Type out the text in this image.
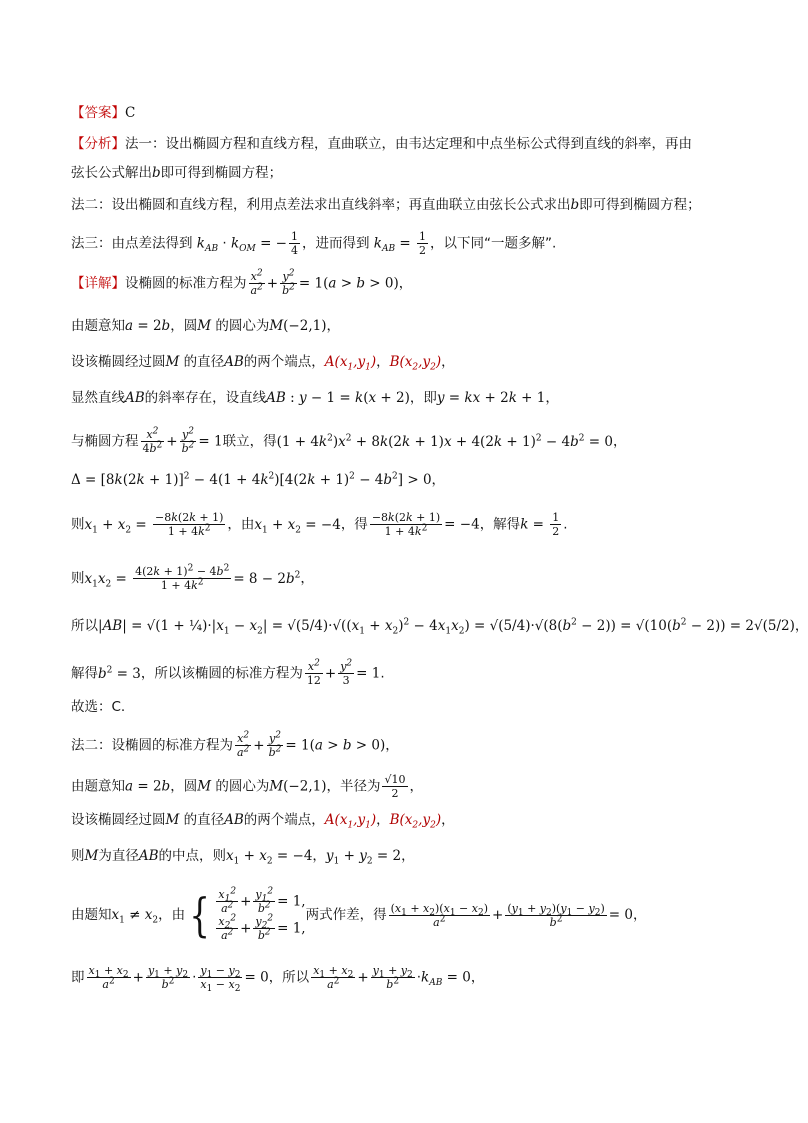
【答案】C
【分析】法一：设出椭圆方程和直线方程，直曲联立，由韦达定理和中点坐标公式得到直线的斜率，再由
弦长公式解出b即可得到椭圆方程；
法二：设出椭圆和直线方程，利用点差法求出直线斜率；再直曲联立由弦长公式求出b即可得到椭圆方程；
法三：由点差法得到 $k_{AB} \cdot k_{OM}$ = − $\frac{1}{4}$ ，进而得到 $k_{AB} = \frac{1}{2}$ ，以下同“一题多解”.
【详解】设椭圆的标准方程为 $\frac{x^2}{a^2} + \frac{y^2}{b^2} = 1(a > b > 0)$，
由题意知a = 2b，圆M 的圆心为M(−2,1)，
设该椭圆经过圆M 的直径AB的两个端点，$A(x_1,y_1)$，$B(x_2,y_2)$，
显然直线AB的斜率存在，设直线AB : y − 1 = k(x + 2)，即y = kx + 2k + 1，
与椭圆方程 $\frac{x^2}{4b^2} + \frac{y^2}{b^2} = 1$联立，得$(1 + 4k^2)x^2 + 8k(2k + 1)x + 4(2k + 1)^2 - 4b^2 = 0$，
$\Delta = [8k(2k + 1)]^2 - 4(1 + 4k^2)[4(2k + 1)^2 - 4b^2] > 0$，
则$x_1 + x_2 = \frac{-8k(2k + 1)}{1 + 4k^2}$ ，由$x_1 + x_2 = -4$，得 $\frac{-8k(2k + 1)}{1 + 4k^2} = -4$，解得$k = \frac{1}{2}$ .
则$x_1x_2 = \frac{4(2k + 1)^2 - 4b^2}{1 + 4k^2} = 8 - 2b^2$，
所以$|AB| = √(1 + \frac{1}{4})\cdot|x_1 - x_2| = √(5/4)\cdot√((x_1 + x_2)^2 - 4x_1x_2) = √(5/4)\cdot√(8(b^2 - 2)) = √(10(b^2 - 2)) = 2√(5/2)$，
解得$b^2 = 3$，所以该椭圆的标准方程为 $\frac{x^2}{12} + \frac{y^2}{3} = 1$.
故选：C.
法二：设椭圆的标准方程为 $\frac{x^2}{a^2} + \frac{y^2}{b^2} = 1(a > b > 0)$，
由题意知a = 2b，圆M 的圆心为M(−2,1)，半径为 $\frac{√10}{2}$ ，
设该椭圆经过圆M 的直径AB的两个端点，$A(x_1,y_1)$，$B(x_2,y_2)$，
则M为直径AB的中点，则$x_1 + x_2 = -4$，$y_1 + y_2 = 2$，
由题知$x_1 \ne x_2$，由{ $\frac{x_1^2}{a^2} + \frac{y_1^2}{b^2} = 1$,
$\frac{x_2^2}{a^2} + \frac{y_2^2}{b^2} = 1$,
两式作差，得 $\frac{(x_1 + x_2)(x_1 - x_2)}{a^2} + \frac{(y_1 + y_2)(y_1 - y_2)}{b^2} = 0$，
即 $\frac{x_1 + x_2}{a^2} + \frac{y_1 + y_2}{b^2} \cdot \frac{y_1 - y_2}{x_1 - x_2} = 0$，所以 $\frac{x_1 + x_2}{a^2} + \frac{y_1 + y_2}{b^2} \cdot k_{AB} = 0$，
